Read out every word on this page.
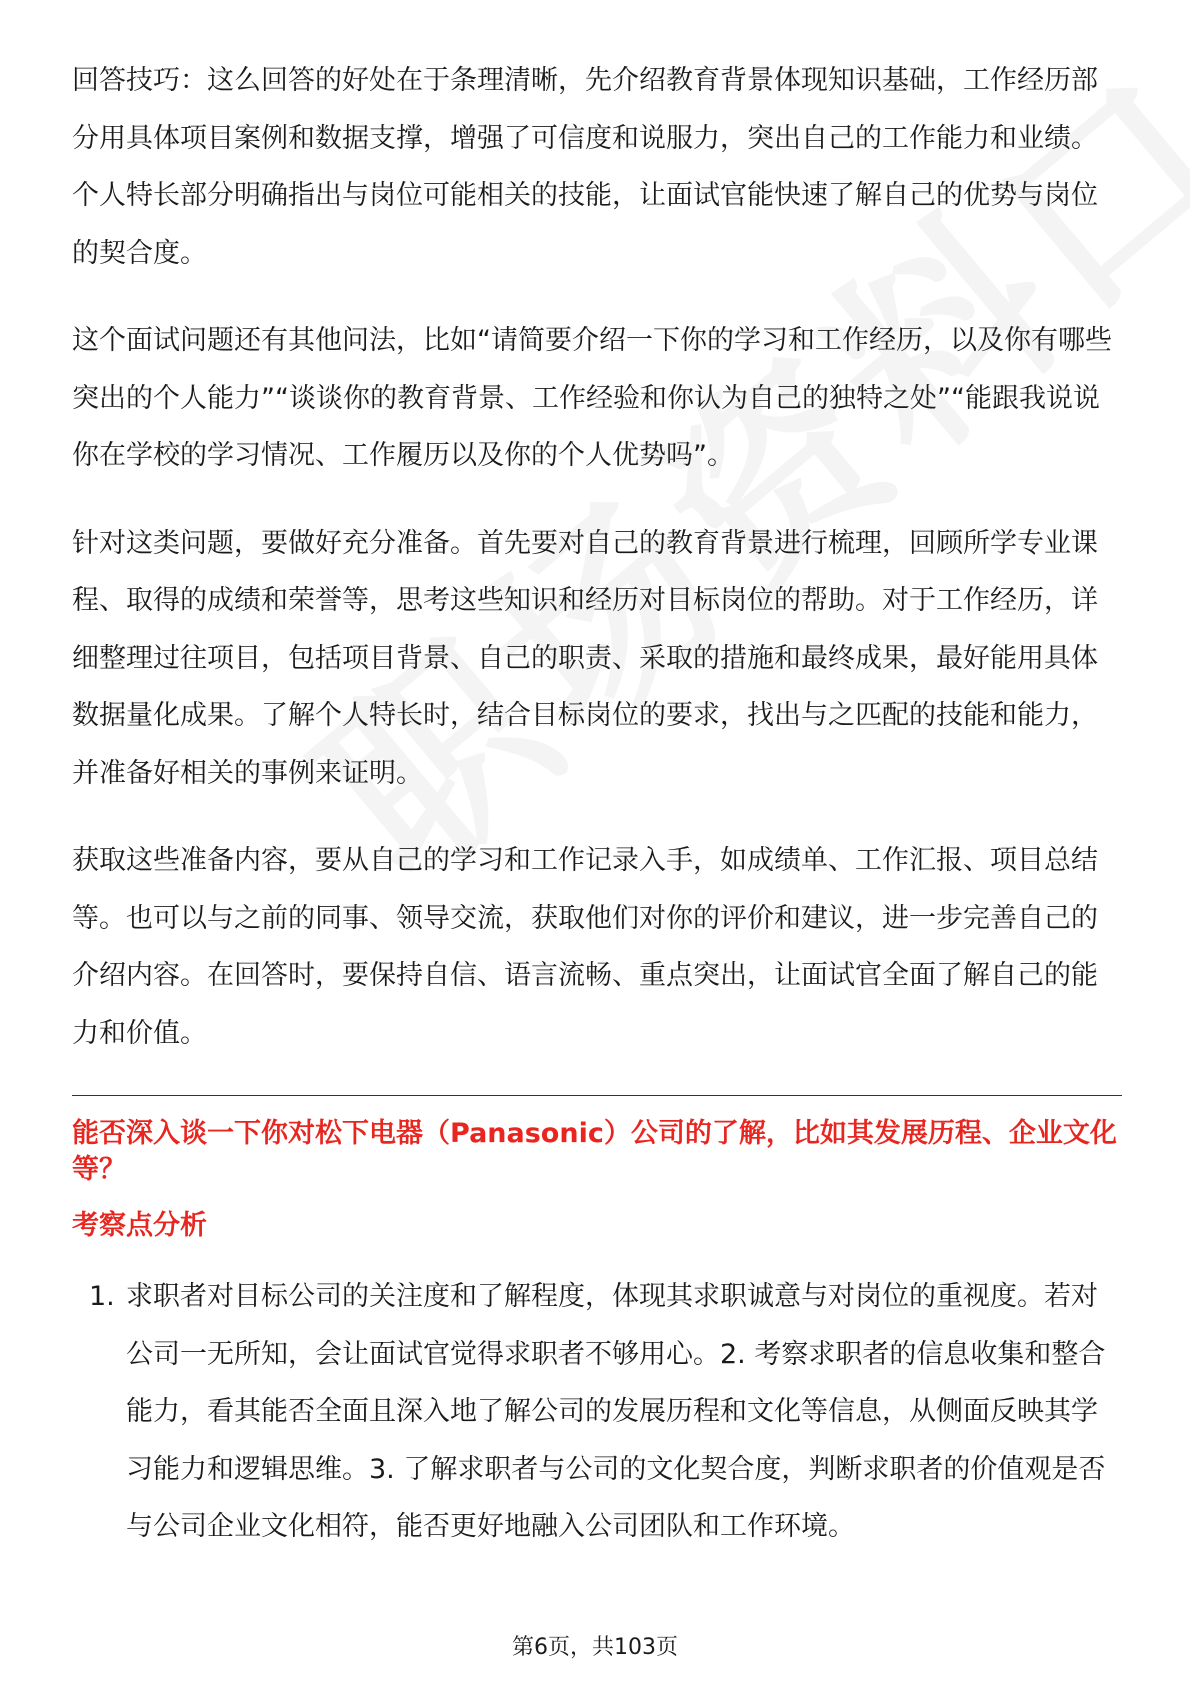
回答技巧：这么回答的好处在于条理清晰，先介绍教育背景体现知识基础，工作经历部分用具体项目案例和数据支撑，增强了可信度和说服力，突出自己的工作能力和业绩。个人特长部分明确指出与岗位可能相关的技能，让面试官能快速了解自己的优势与岗位的契合度。

这个面试问题还有其他问法，比如“请简要介绍一下你的学习和工作经历，以及你有哪些突出的个人能力”“谈谈你的教育背景、工作经验和你认为自己的独特之处”“能跟我说说你在学校的学习情况、工作履历以及你的个人优势吗”。

针对这类问题，要做好充分准备。首先要对自己的教育背景进行梳理，回顾所学专业课程、取得的成绩和荣誉等，思考这些知识和经历对目标岗位的帮助。对于工作经历，详细整理过往项目，包括项目背景、自己的职责、采取的措施和最终成果，最好能用具体数据量化成果。了解个人特长时，结合目标岗位的要求，找出与之匹配的技能和能力，并准备好相关的事例来证明。

获取这些准备内容，要从自己的学习和工作记录入手，如成绩单、工作汇报、项目总结等。也可以与之前的同事、领导交流，获取他们对你的评价和建议，进一步完善自己的介绍内容。在回答时，要保持自信、语言流畅、重点突出，让面试官全面了解自己的能力和价值。

能否深入谈一下你对松下电器（Panasonic）公司的了解，比如其发展历程、企业文化等？
考察点分析
1. 求职者对目标公司的关注度和了解程度，体现其求职诚意与对岗位的重视度。若对公司一无所知，会让面试官觉得求职者不够用心。2. 考察求职者的信息收集和整合能力，看其能否全面且深入地了解公司的发展历程和文化等信息，从侧面反映其学习能力和逻辑思维。3. 了解求职者与公司的文化契合度，判断求职者的价值观是否与公司企业文化相符，能否更好地融入公司团队和工作环境。
第6页，共103页
